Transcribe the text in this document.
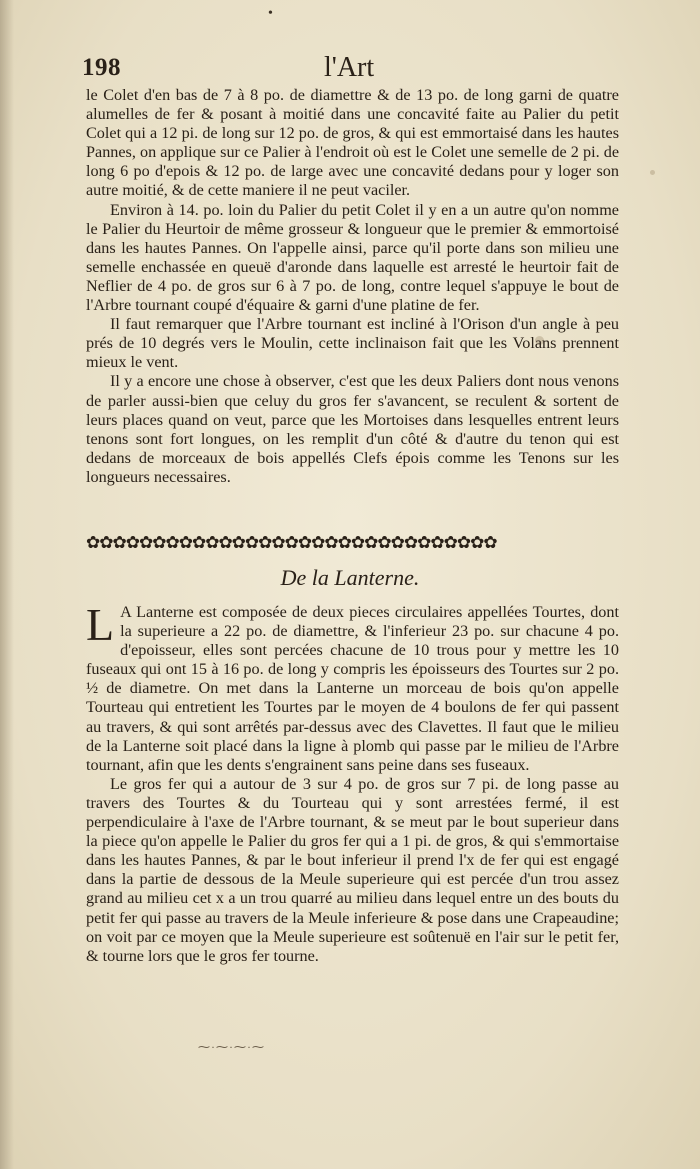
•
198	l'Art

le Colet d'en bas de 7 à 8 po. de diamettre & de 13 po. de long garni de quatre alumelles de fer & posant à moitié dans une concavité faite au Palier du petit Colet qui a 12 pi. de long sur 12 po. de gros, & qui est emmortaisé dans les hautes Pannes, on applique sur ce Palier à l'endroit où est le Colet une semelle de 2 pi. de long 6 po d'epois & 12 po. de large avec une concavité dedans pour y loger son autre moitié, & de cette maniere il ne peut vaciler.

Environ à 14. po. loin du Palier du petit Colet il y en a un autre qu'on nomme le Palier du Heurtoir de même grosseur & longueur que le premier & emmortoisé dans les hautes Pannes. On l'appelle ainsi, parce qu'il porte dans son milieu une semelle enchassée en queuë d'aronde dans laquelle est arresté le heurtoir fait de Neflier de 4 po. de gros sur 6 à 7 po. de long, contre lequel s'appuye le bout de l'Arbre tournant coupé d'équaire & garni d'une platine de fer.

Il faut remarquer que l'Arbre tournant est incliné à l'Orison d'un angle à peu prés de 10 degrés vers le Moulin, cette inclinaison fait que les Volans prennent mieux le vent.

Il y a encore une chose à observer, c'est que les deux Paliers dont nous venons de parler aussi-bien que celuy du gros fer s'avancent, se reculent & sortent de leurs places quand on veut, parce que les Mortoises dans lesquelles entrent leurs tenons sont fort longues, on les remplit d'un côté & d'autre du tenon qui est dedans de morceaux de bois appellés Clefs épois comme les Tenons sur les longueurs necessaires.

✿✿✿✿✿✿✿✿✿✿✿✿✿✿✿✿✿✿✿✿✿✿✿✿✿✿✿✿✿✿✿
De la Lanterne.

L A Lanterne est composée de deux pieces circulaires appellées Tourtes, dont la superieure a 22 po. de diamettre, & l'inferieur 23 po. sur chacune 4 po. d'epoisseur, elles sont percées chacune de 10 trous pour y mettre les 10 fuseaux qui ont 15 à 16 po. de long y compris les époisseurs des Tourtes sur 2 po. ½ de diametre. On met dans la Lanterne un morceau de bois qu'on appelle Tourteau qui entretient les Tourtes par le moyen de 4 boulons de fer qui passent au travers, & qui sont arrêtés par-dessus avec des Clavettes. Il faut que le milieu de la Lanterne soit placé dans la ligne à plomb qui passe par le milieu de l'Arbre tournant, afin que les dents s'engrainent sans peine dans ses fuseaux.

Le gros fer qui a autour de 3 sur 4 po. de gros sur 7 pi. de long passe au travers des Tourtes & du Tourteau qui y sont arrestées fermé, il est perpendiculaire à l'axe de l'Arbre tournant, & se meut par le bout superieur dans la piece qu'on appelle le Palier du gros fer qui a 1 pi. de gros, & qui s'emmortaise dans les hautes Pannes, & par le bout inferieur il prend l'x de fer qui est engagé dans la partie de dessous de la Meule superieure qui est percée d'un trou assez grand au milieu cet x a un trou quarré au milieu dans lequel entre un des bouts du petit fer qui passe au travers de la Meule inferieure & pose dans une Crapeaudine; on voit par ce moyen que la Meule superieure est soûtenuë en l'air sur le petit fer, & tourne lors que le gros fer tourne.

⁓·⁓·⁓·⁓
